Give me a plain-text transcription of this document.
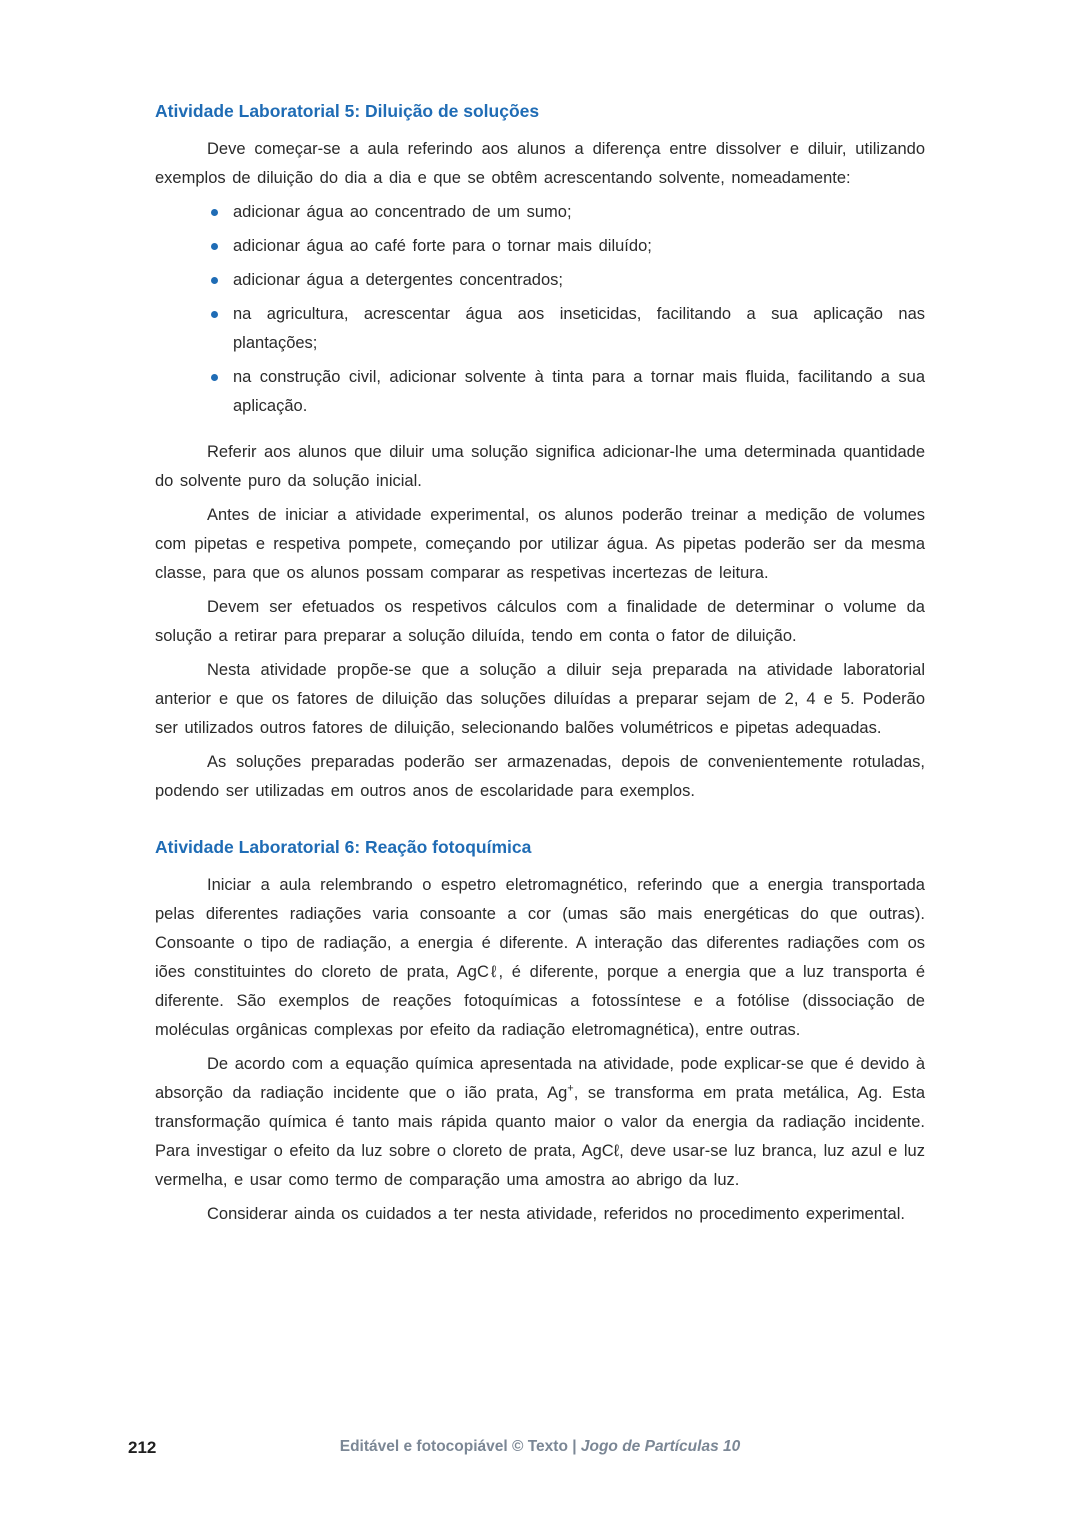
Atividade Laboratorial 5: Diluição de soluções

Deve começar-se a aula referindo aos alunos a diferença entre dissolver e diluir, utilizando exemplos de diluição do dia a dia e que se obtêm acrescentando solvente, nomeadamente:

adicionar água ao concentrado de um sumo;
adicionar água ao café forte para o tornar mais diluído;
adicionar água a detergentes concentrados;
na agricultura, acrescentar água aos inseticidas, facilitando a sua aplicação nas plantações;
na construção civil, adicionar solvente à tinta para a tornar mais fluida, facilitando a sua aplicação.

Referir aos alunos que diluir uma solução significa adicionar-lhe uma determinada quantidade do solvente puro da solução inicial.

Antes de iniciar a atividade experimental, os alunos poderão treinar a medição de volumes com pipetas e respetiva pompete, começando por utilizar água. As pipetas poderão ser da mesma classe, para que os alunos possam comparar as respetivas incertezas de leitura.

Devem ser efetuados os respetivos cálculos com a finalidade de determinar o volume da solução a retirar para preparar a solução diluída, tendo em conta o fator de diluição.

Nesta atividade propõe-se que a solução a diluir seja preparada na atividade laboratorial anterior e que os fatores de diluição das soluções diluídas a preparar sejam de 2, 4 e 5. Poderão ser utilizados outros fatores de diluição, selecionando balões volumétricos e pipetas adequadas.

As soluções preparadas poderão ser armazenadas, depois de convenientemente rotuladas, podendo ser utilizadas em outros anos de escolaridade para exemplos.

Atividade Laboratorial 6: Reação fotoquímica

Iniciar a aula relembrando o espetro eletromagnético, referindo que a energia transportada pelas diferentes radiações varia consoante a cor (umas são mais energéticas do que outras). Consoante o tipo de radiação, a energia é diferente. A interação das diferentes radiações com os iões constituintes do cloreto de prata, AgCℓ, é diferente, porque a energia que a luz transporta é diferente. São exemplos de reações fotoquímicas a fotossíntese e a fotólise (dissociação de moléculas orgânicas complexas por efeito da radiação eletromagnética), entre outras.

De acordo com a equação química apresentada na atividade, pode explicar-se que é devido à absorção da radiação incidente que o ião prata, Ag+, se transforma em prata metálica, Ag. Esta transformação química é tanto mais rápida quanto maior o valor da energia da radiação incidente. Para investigar o efeito da luz sobre o cloreto de prata, AgCℓ, deve usar-se luz branca, luz azul e luz vermelha, e usar como termo de comparação uma amostra ao abrigo da luz.

Considerar ainda os cuidados a ter nesta atividade, referidos no procedimento experimental.

212	Editável e fotocopiável © Texto | Jogo de Partículas 10
